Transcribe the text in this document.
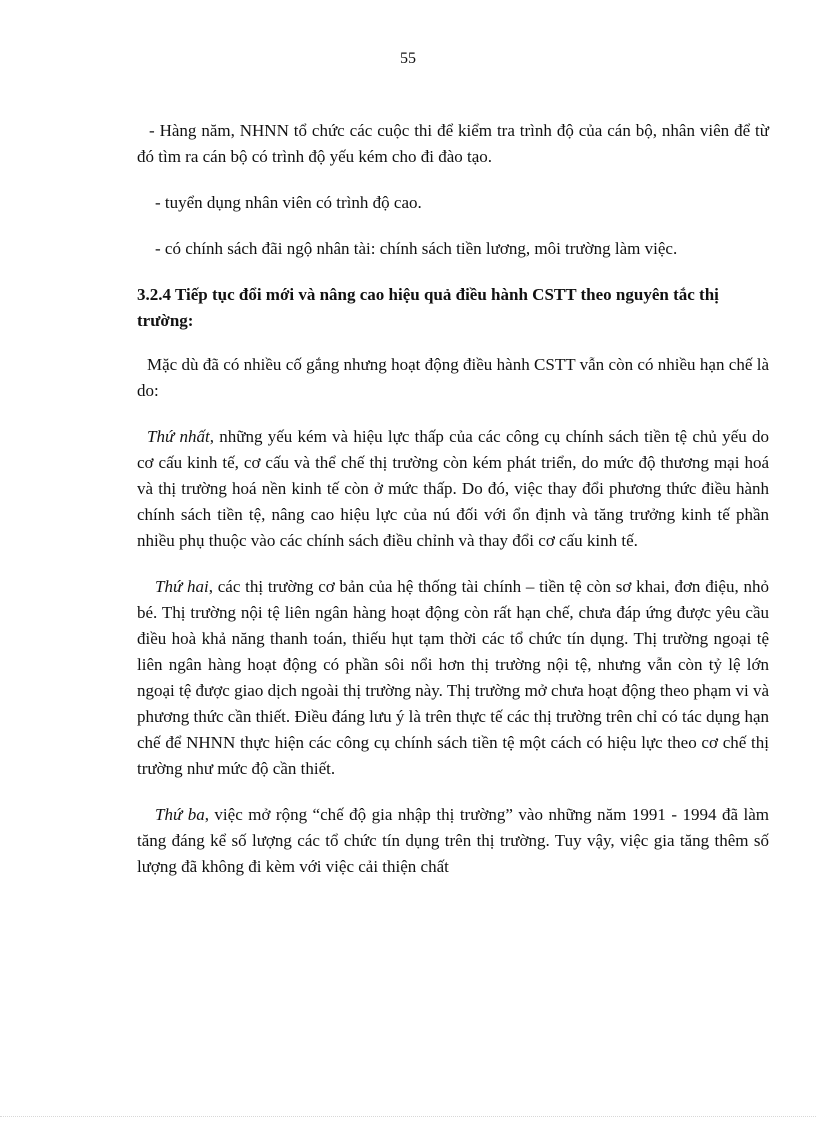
55

- Hàng năm, NHNN tổ chức các cuộc thi để kiểm tra trình độ của cán bộ, nhân viên để từ đó tìm ra cán bộ có trình độ yếu kém cho đi đào tạo.

- tuyển dụng nhân viên có trình độ cao.

- có chính sách đãi ngộ nhân tài: chính sách tiền lương, môi trường làm việc.

3.2.4 Tiếp tục đổi mới và nâng cao hiệu quả điều hành CSTT theo nguyên tắc thị trường:

Mặc dù đã có nhiều cố gắng nhưng hoạt động điều hành CSTT vẫn còn có nhiều hạn chế là do:

Thứ nhất, những yếu kém và hiệu lực thấp của các công cụ chính sách tiền tệ chủ yếu do cơ cấu kinh tế, cơ cấu và thể chế thị trường còn kém phát triển, do mức độ thương mại hoá và thị trường hoá nền kinh tế còn ở mức thấp. Do đó, việc thay đổi phương thức điều hành chính sách tiền tệ, nâng cao hiệu lực của nú đối với ổn định và tăng trưởng kinh tế phần nhiều phụ thuộc vào các chính sách điều chỉnh và thay đổi cơ cấu kinh tế.

Thứ hai, các thị trường cơ bản của hệ thống tài chính – tiền tệ còn sơ khai, đơn điệu, nhỏ bé. Thị trường nội tệ liên ngân hàng hoạt động còn rất hạn chế, chưa đáp ứng được yêu cầu điều hoà khả năng thanh toán, thiếu hụt tạm thời các tổ chức tín dụng. Thị trường ngoại tệ liên ngân hàng hoạt động có phần sôi nổi hơn thị trường nội tệ, nhưng vẫn còn tỷ lệ lớn ngoại tệ được giao dịch ngoài thị trường này. Thị trường mở chưa hoạt động theo phạm vi và phương thức cần thiết. Điều đáng lưu ý là trên thực tế các thị trường trên chỉ có tác dụng hạn chế để NHNN thực hiện các công cụ chính sách tiền tệ một cách có hiệu lực theo cơ chế thị trường như mức độ cần thiết.

Thứ ba, việc mở rộng “chế độ gia nhập thị trường” vào những năm 1991 - 1994 đã làm tăng đáng kể số lượng các tổ chức tín dụng trên thị trường. Tuy vậy, việc gia tăng thêm số lượng đã không đi kèm với việc cải thiện chất
